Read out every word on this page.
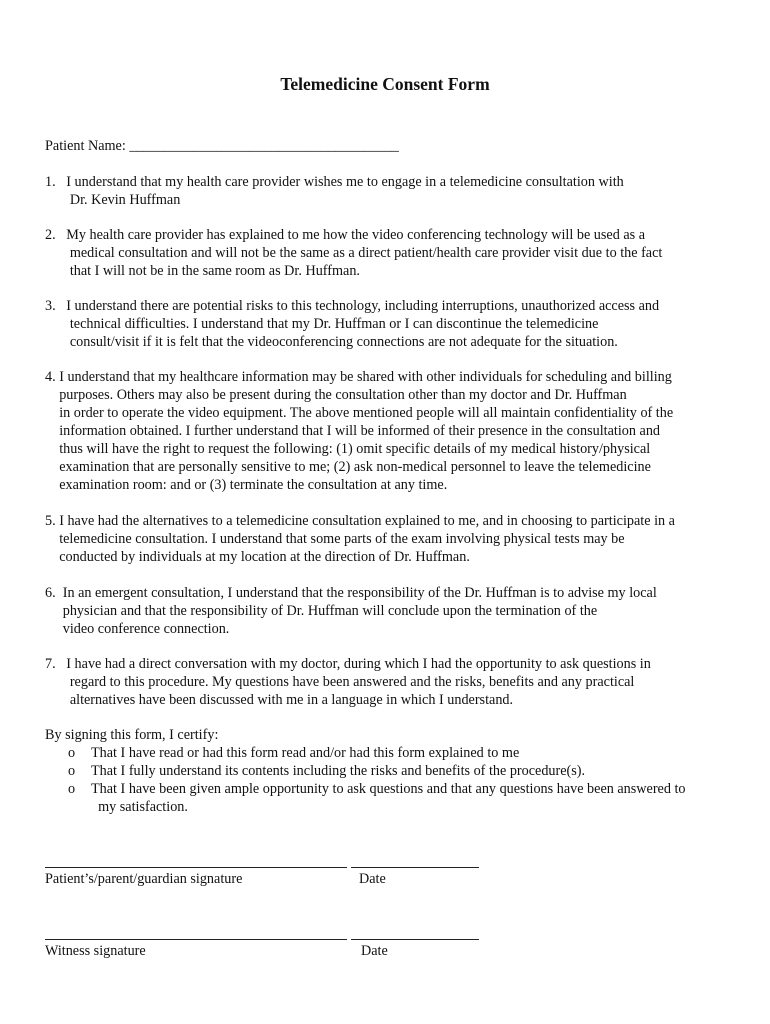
Telemedicine Consent Form
Patient Name: ______________________________________
1.   I understand that my health care provider wishes me to engage in a telemedicine consultation with
Dr. Kevin Huffman
2.   My health care provider has explained to me how the video conferencing technology will be used as a
medical consultation and will not be the same as a direct patient/health care provider visit due to the fact
that I will not be in the same room as Dr. Huffman.
3.   I understand there are potential risks to this technology, including interruptions, unauthorized access and
technical difficulties. I understand that my Dr. Huffman or I can discontinue the telemedicine
consult/visit if it is felt that the videoconferencing connections are not adequate for the situation.
4. I understand that my healthcare information may be shared with other individuals for scheduling and billing
purposes. Others may also be present during the consultation other than my doctor and Dr. Huffman
in order to operate the video equipment. The above mentioned people will all maintain confidentiality of the
information obtained. I further understand that I will be informed of their presence in the consultation and
thus will have the right to request the following: (1) omit specific details of my medical history/physical
examination that are personally sensitive to me; (2) ask non-medical personnel to leave the telemedicine
examination room: and or (3) terminate the consultation at any time.
5. I have had the alternatives to a telemedicine consultation explained to me, and in choosing to participate in a
telemedicine consultation. I understand that some parts of the exam involving physical tests may be
conducted by individuals at my location at the direction of Dr. Huffman.
6.  In an emergent consultation, I understand that the responsibility of the Dr. Huffman is to advise my local
physician and that the responsibility of Dr. Huffman will conclude upon the termination of the
video conference connection.
7.   I have had a direct conversation with my doctor, during which I had the opportunity to ask questions in
regard to this procedure. My questions have been answered and the risks, benefits and any practical
alternatives have been discussed with me in a language in which I understand.
By signing this form, I certify:
o That I have read or had this form read and/or had this form explained to me
o That I fully understand its contents including the risks and benefits of the procedure(s).
o That I have been given ample opportunity to ask questions and that any questions have been answered to
my satisfaction.
Patient’s/parent/guardian signature	Date
Witness signature	Date
